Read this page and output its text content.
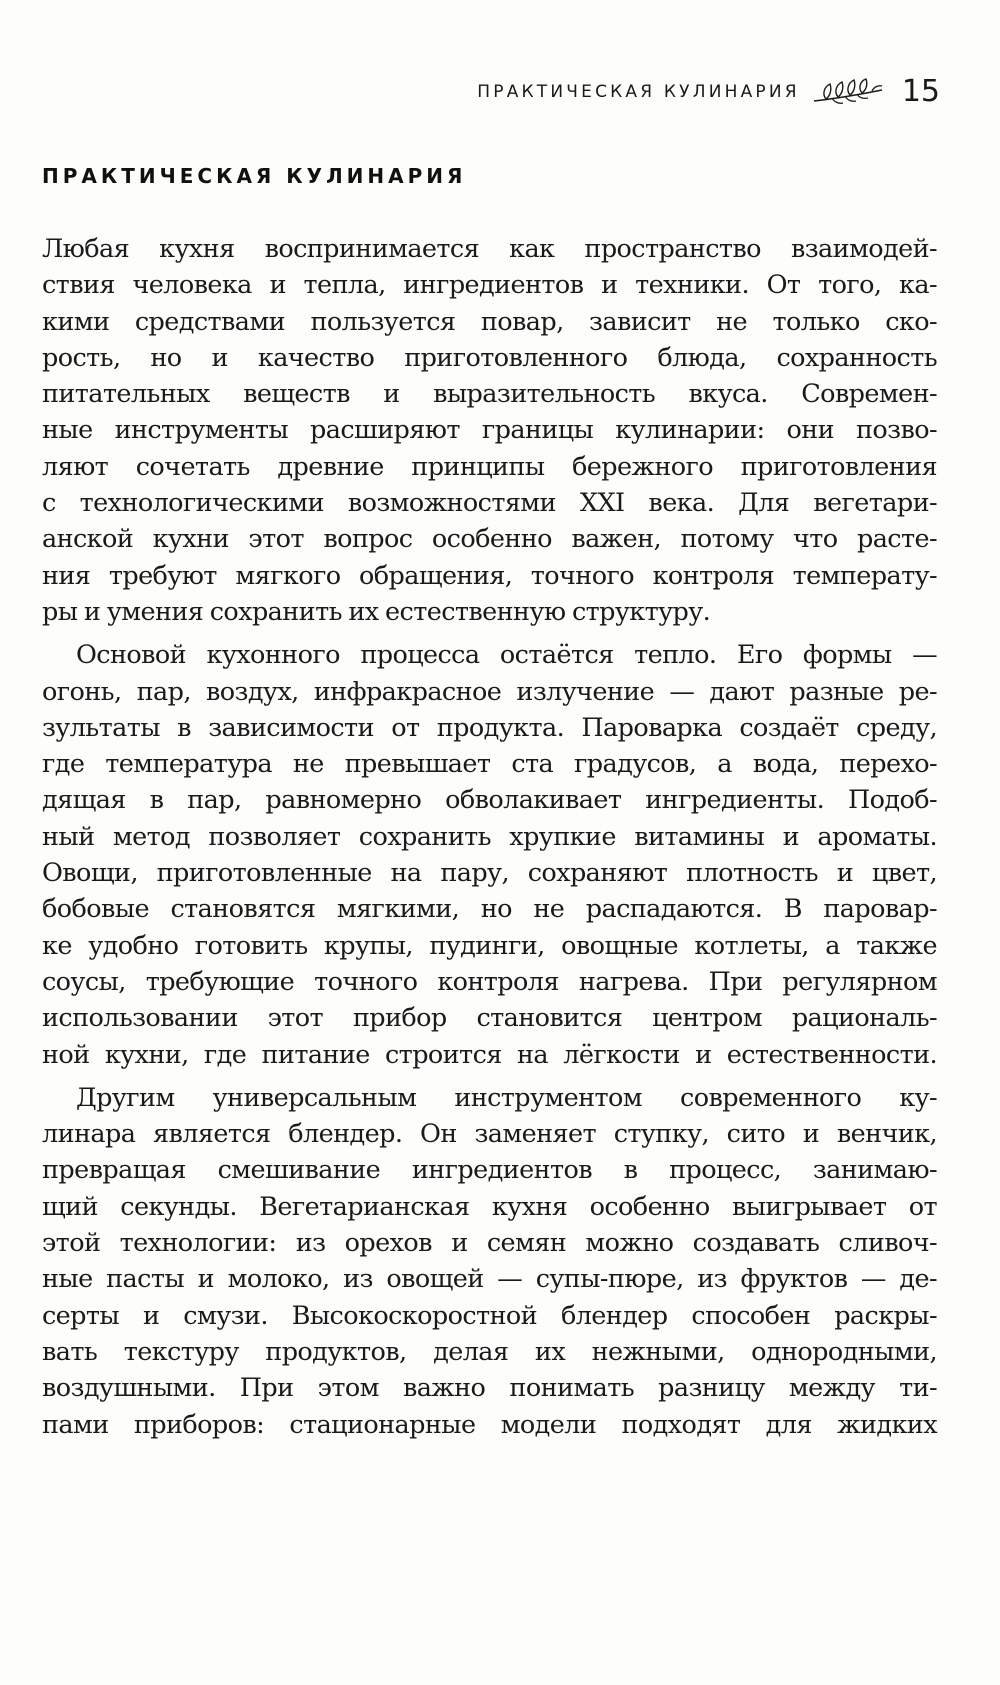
ПРАКТИЧЕСКАЯ КУЛИНАРИЯ	15
ПРАКТИЧЕСКАЯ КУЛИНАРИЯ

Любая кухня воспринимается как пространство взаимодей-
ствия человека и тепла, ингредиентов и техники. От того, ка-
кими средствами пользуется повар, зависит не только ско-
рость, но и качество приготовленного блюда, сохранность
питательных веществ и выразительность вкуса. Современ-
ные инструменты расширяют границы кулинарии: они позво-
ляют сочетать древние принципы бережного приготовления
с технологическими возможностями XXI века. Для вегетари-
анской кухни этот вопрос особенно важен, потому что расте-
ния требуют мягкого обращения, точного контроля температу-
ры и умения сохранить их естественную структуру.

Основой кухонного процесса остаётся тепло. Его формы —
огонь, пар, воздух, инфракрасное излучение — дают разные ре-
зультаты в зависимости от продукта. Пароварка создаёт среду,
где температура не превышает ста градусов, а вода, перехо-
дящая в пар, равномерно обволакивает ингредиенты. Подоб-
ный метод позволяет сохранить хрупкие витамины и ароматы.
Овощи, приготовленные на пару, сохраняют плотность и цвет,
бобовые становятся мягкими, но не распадаются. В паровар-
ке удобно готовить крупы, пудинги, овощные котлеты, а также
соусы, требующие точного контроля нагрева. При регулярном
использовании этот прибор становится центром рациональ-
ной кухни, где питание строится на лёгкости и естественности.

Другим универсальным инструментом современного ку-
линара является блендер. Он заменяет ступку, сито и венчик,
превращая смешивание ингредиентов в процесс, занимаю-
щий секунды. Вегетарианская кухня особенно выигрывает от
этой технологии: из орехов и семян можно создавать сливоч-
ные пасты и молоко, из овощей — супы-пюре, из фруктов — де-
серты и смузи. Высокоскоростной блендер способен раскры-
вать текстуру продуктов, делая их нежными, однородными,
воздушными. При этом важно понимать разницу между ти-
пами приборов: стационарные модели подходят для жидких
